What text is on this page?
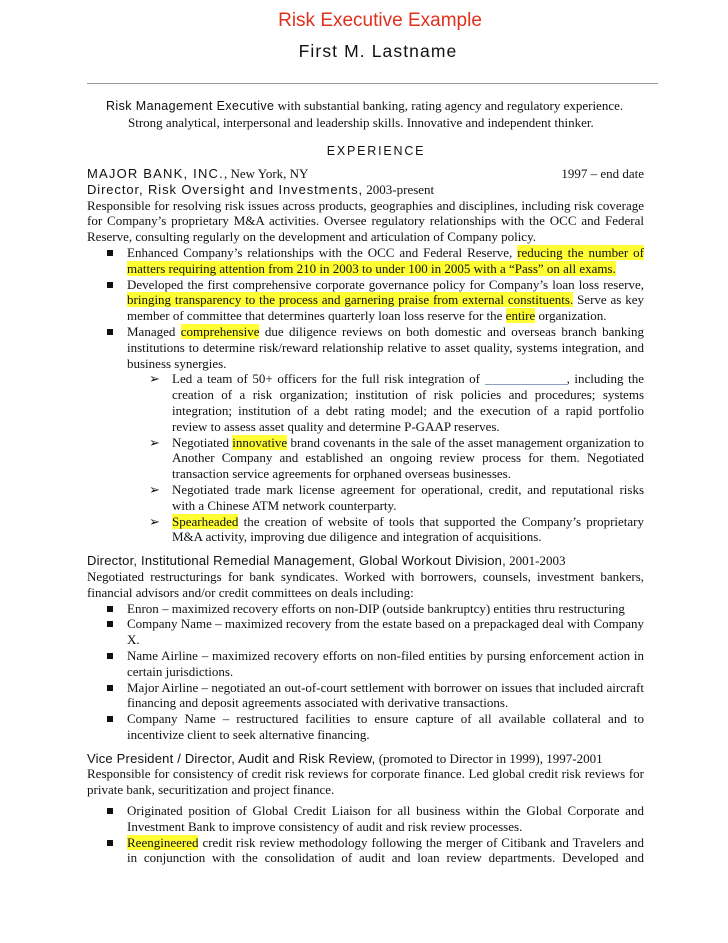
Risk Executive Example
First M. Lastname
Risk Management Executive with substantial banking, rating agency and regulatory experience.
Strong analytical, interpersonal and leadership skills. Innovative and independent thinker.
EXPERIENCE
MAJOR BANK, INC., New York, NY	1997 – end date
Director, Risk Oversight and Investments, 2003-present
Responsible for resolving risk issues across products, geographies and disciplines, including risk coverage for Company’s proprietary M&A activities. Oversee regulatory relationships with the OCC and Federal Reserve, consulting regularly on the development and articulation of Company policy.
Enhanced Company’s relationships with the OCC and Federal Reserve, reducing the number of matters requiring attention from 210 in 2003 to under 100 in 2005 with a “Pass” on all exams.
Developed the first comprehensive corporate governance policy for Company’s loan loss reserve, bringing transparency to the process and garnering praise from external constituents. Serve as key member of committee that determines quarterly loan loss reserve for the entire organization.
Managed comprehensive due diligence reviews on both domestic and overseas branch banking institutions to determine risk/reward relationship relative to asset quality, systems integration, and business synergies.
➢ Led a team of 50+ officers for the full risk integration of	, including the creation of a risk organization; institution of risk policies and procedures; systems integration; institution of a debt rating model; and the execution of a rapid portfolio review to assess asset quality and determine P-GAAP reserves.
➢ Negotiated innovative brand covenants in the sale of the asset management organization to Another Company and established an ongoing review process for them. Negotiated transaction service agreements for orphaned overseas businesses.
➢ Negotiated trade mark license agreement for operational, credit, and reputational risks with a Chinese ATM network counterparty.
➢ Spearheaded the creation of website of tools that supported the Company’s proprietary M&A activity, improving due diligence and integration of acquisitions.
Director, Institutional Remedial Management, Global Workout Division, 2001-2003
Negotiated restructurings for bank syndicates. Worked with borrowers, counsels, investment bankers, financial advisors and/or credit committees on deals including:
Enron – maximized recovery efforts on non-DIP (outside bankruptcy) entities thru restructuring
Company Name – maximized recovery from the estate based on a prepackaged deal with Company X.
Name Airline – maximized recovery efforts on non-filed entities by pursing enforcement action in certain jurisdictions.
Major Airline – negotiated an out-of-court settlement with borrower on issues that included aircraft financing and deposit agreements associated with derivative transactions.
Company Name – restructured facilities to ensure capture of all available collateral and to incentivize client to seek alternative financing.
Vice President / Director, Audit and Risk Review, (promoted to Director in 1999), 1997-2001
Responsible for consistency of credit risk reviews for corporate finance. Led global credit risk reviews for private bank, securitization and project finance.
Originated position of Global Credit Liaison for all business within the Global Corporate and Investment Bank to improve consistency of audit and risk review processes.
Reengineered credit risk review methodology following the merger of Citibank and Travelers and in conjunction with the consolidation of audit and loan review departments. Developed and
